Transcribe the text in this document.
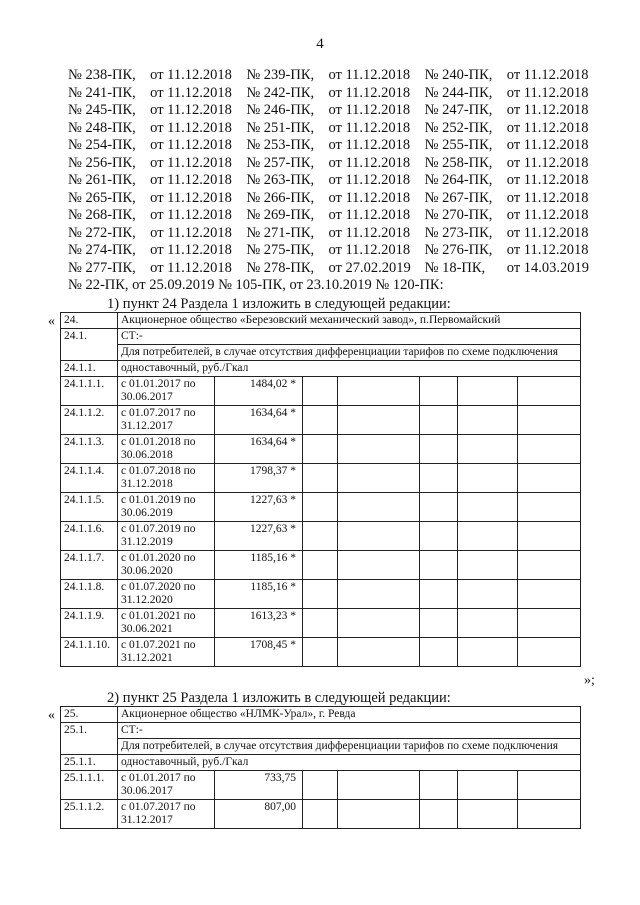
4
№ 238-ПК,	от 11.12.2018	№ 239-ПК,	от 11.12.2018	№ 240-ПК,	от 11.12.2018
№ 241-ПК,	от 11.12.2018	№ 242-ПК,	от 11.12.2018	№ 244-ПК,	от 11.12.2018
№ 245-ПК,	от 11.12.2018	№ 246-ПК,	от 11.12.2018	№ 247-ПК,	от 11.12.2018
№ 248-ПК,	от 11.12.2018	№ 251-ПК,	от 11.12.2018	№ 252-ПК,	от 11.12.2018
№ 254-ПК,	от 11.12.2018	№ 253-ПК,	от 11.12.2018	№ 255-ПК,	от 11.12.2018
№ 256-ПК,	от 11.12.2018	№ 257-ПК,	от 11.12.2018	№ 258-ПК,	от 11.12.2018
№ 261-ПК,	от 11.12.2018	№ 263-ПК,	от 11.12.2018	№ 264-ПК,	от 11.12.2018
№ 265-ПК,	от 11.12.2018	№ 266-ПК,	от 11.12.2018	№ 267-ПК,	от 11.12.2018
№ 268-ПК,	от 11.12.2018	№ 269-ПК,	от 11.12.2018	№ 270-ПК,	от 11.12.2018
№ 272-ПК,	от 11.12.2018	№ 271-ПК,	от 11.12.2018	№ 273-ПК,	от 11.12.2018
№ 274-ПК,	от 11.12.2018	№ 275-ПК,	от 11.12.2018	№ 276-ПК,	от 11.12.2018
№ 277-ПК,	от 11.12.2018	№ 278-ПК,	от 27.02.2019	№ 18-ПК,	от 14.03.2019
№ 22-ПК, от 25.09.2019 № 105-ПК, от 23.10.2019 № 120-ПК:
1) пункт 24 Раздела 1 изложить в следующей редакции:
« 24.	Акционерное общество «Березовский механический завод», п.Первомайский						
24.1.	СТ:-						
	Для потребителей, в случае отсутствия дифференциации тарифов по схеме подключения						
24.1.1.	одноставочный, руб./Гкал						
24.1.1.1.	с 01.01.2017 по 30.06.2017	1484,02 *					
24.1.1.2.	с 01.07.2017 по 31.12.2017	1634,64 *					
24.1.1.3.	с 01.01.2018 по 30.06.2018	1634,64 *					
24.1.1.4.	с 01.07.2018 по 31.12.2018	1798,37 *					
24.1.1.5.	с 01.01.2019 по 30.06.2019	1227,63 *					
24.1.1.6.	с 01.07.2019 по 31.12.2019	1227,63 *					
24.1.1.7.	с 01.01.2020 по 30.06.2020	1185,16 *					
24.1.1.8.	с 01.07.2020 по 31.12.2020	1185,16 *					
24.1.1.9.	с 01.01.2021 по 30.06.2021	1613,23 *					
24.1.1.10.	с 01.07.2021 по 31.12.2021	1708,45 *					
»;
2) пункт 25 Раздела 1 изложить в следующей редакции:
« 25.	Акционерное общество «НЛМК-Урал», г. Ревда						
25.1.	СТ:-						
	Для потребителей, в случае отсутствия дифференциации тарифов по схеме подключения						
25.1.1.	одноставочный, руб./Гкал						
25.1.1.1.	с 01.01.2017 по 30.06.2017	733,75					
25.1.1.2.	с 01.07.2017 по 31.12.2017	807,00					
